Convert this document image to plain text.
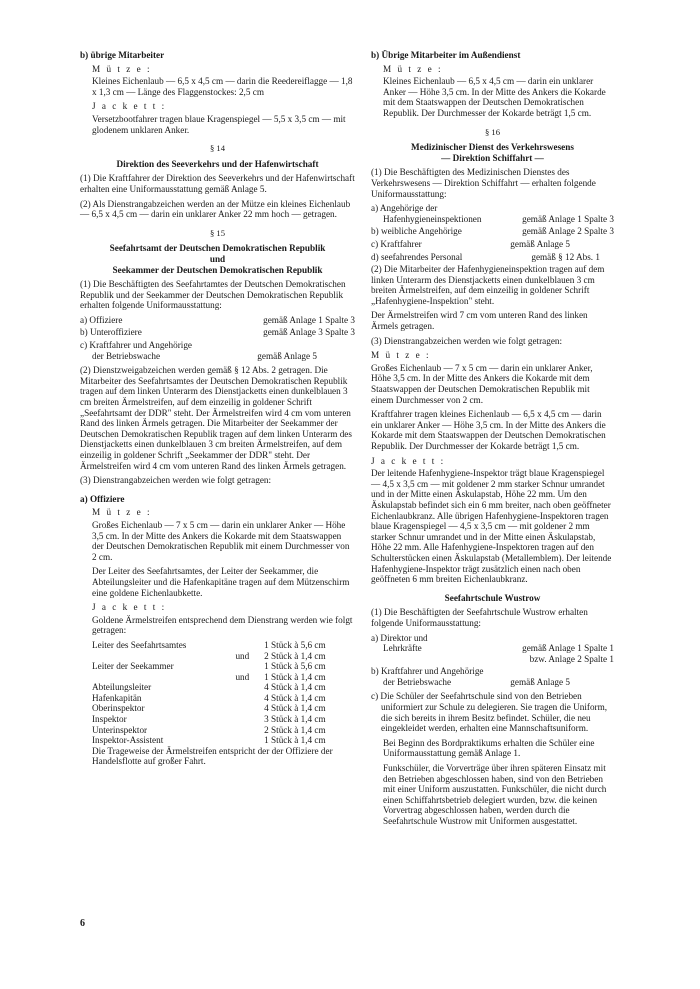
b) übrige Mitarbeiter

M ü t z e :

Kleines Eichenlaub — 6,5 x 4,5 cm — darin die Reedereiflagge — 1,8 x 1,3 cm — Länge des Flaggenstockes: 2,5 cm

J a c k e t t :

Versetzbootfahrer tragen blaue Kragenspiegel — 5,5 x 3,5 cm — mit glodenem unklaren Anker.

§ 14

Direktion des Seeverkehrs und der Hafenwirtschaft

(1) Die Kraftfahrer der Direktion des Seeverkehrs und der Hafenwirtschaft erhalten eine Uniformausstattung gemäß Anlage 5.

(2) Als Dienstrangabzeichen werden an der Mütze ein kleines Eichenlaub — 6,5 x 4,5 cm — darin ein unklarer Anker 22 mm hoch — getragen.

§ 15

Seefahrtsamt der Deutschen Demokratischen Republik

und

Seekammer der Deutschen Demokratischen Republik

(1) Die Beschäftigten des Seefahrtamtes der Deutschen Demokratischen Republik und der Seekammer der Deutschen Demokratischen Republik erhalten folgende Uniformausstattung:

a) Offiziere	gemäß Anlage 1 Spalte 3
b) Unteroffiziere	gemäß Anlage 3 Spalte 3
c) Kraftfahrer und Angehörige
der Betriebswache	gemäß Anlage 5

(2) Dienstzweigabzeichen werden gemäß § 12 Abs. 2 getragen. Die Mitarbeiter des Seefahrtsamtes der Deutschen Demokratischen Republik tragen auf dem linken Unterarm des Dienstjacketts einen dunkelblauen 3 cm breiten Ärmelstreifen, auf dem einzeilig in goldener Schrift „Seefahrtsamt der DDR" steht. Der Ärmelstreifen wird 4 cm vom unteren Rand des linken Ärmels getragen. Die Mitarbeiter der Seekammer der Deutschen Demokratischen Republik tragen auf dem linken Unterarm des Dienstjacketts einen dunkelblauen 3 cm breiten Ärmelstreifen, auf dem einzeilig in goldener Schrift „Seekammer der DDR" steht. Der Ärmelstreifen wird 4 cm vom unteren Rand des linken Ärmels getragen.

(3) Dienstrangabzeichen werden wie folgt getragen:

a) Offiziere

M ü t z e :

Großes Eichenlaub — 7 x 5 cm — darin ein unklarer Anker — Höhe 3,5 cm. In der Mitte des Ankers die Kokarde mit dem Staatswappen der Deutschen Demokratischen Republik mit einem Durchmesser von 2 cm.

Der Leiter des Seefahrtsamtes, der Leiter der Seekammer, die Abteilungsleiter und die Hafenkapitäne tragen auf dem Mützenschirm eine goldene Eichenlaubkette.

J a c k e t t :

Goldene Ärmelstreifen entsprechend dem Dienstrang werden wie folgt getragen:

Leiter des Seefahrtsamtes	1 Stück à 5,6 cm
und	2 Stück à 1,4 cm
Leiter der Seekammer	1 Stück à 5,6 cm
und	1 Stück à 1,4 cm
Abteilungsleiter	4 Stück à 1,4 cm
Hafenkapitän	4 Stück à 1,4 cm
Oberinspektor	4 Stück à 1,4 cm
Inspektor	3 Stück à 1,4 cm
Unterinspektor	2 Stück à 1,4 cm
Inspektor-Assistent	1 Stück à 1,4 cm

Die Trageweise der Ärmelstreifen entspricht der der Offiziere der Handelsflotte auf großer Fahrt.

b) Übrige Mitarbeiter im Außendienst

M ü t z e :

Kleines Eichenlaub — 6,5 x 4,5 cm — darin ein unklarer Anker — Höhe 3,5 cm. In der Mitte des Ankers die Kokarde mit dem Staatswappen der Deutschen Demokratischen Republik. Der Durchmesser der Kokarde beträgt 1,5 cm.

§ 16

Medizinischer Dienst des Verkehrswesens

— Direktion Schiffahrt —

(1) Die Beschäftigten des Medizinischen Dienstes des Verkehrswesens — Direktion Schiffahrt — erhalten folgende Uniformausstattung:

a) Angehörige der
Hafenhygieneinspektionen	gemäß Anlage 1 Spalte 3
b) weibliche Angehörige	gemäß Anlage 2 Spalte 3
c) Kraftfahrer	gemäß Anlage 5
d) seefahrendes Personal	gemäß § 12 Abs. 1

(2) Die Mitarbeiter der Hafenhygieneinspektion tragen auf dem linken Unterarm des Dienstjacketts einen dunkelblauen 3 cm breiten Ärmelstreifen, auf dem einzeilig in goldener Schrift „Hafenhygiene-Inspektion" steht.

Der Ärmelstreifen wird 7 cm vom unteren Rand des linken Ärmels getragen.

(3) Dienstrangabzeichen werden wie folgt getragen:

M ü t z e :

Großes Eichenlaub — 7 x 5 cm — darin ein unklarer Anker, Höhe 3,5 cm. In der Mitte des Ankers die Kokarde mit dem Staatswappen der Deutschen Demokratischen Republik mit einem Durchmesser von 2 cm.

Kraftfahrer tragen kleines Eichenlaub — 6,5 x 4,5 cm — darin ein unklarer Anker — Höhe 3,5 cm. In der Mitte des Ankers die Kokarde mit dem Staatswappen der Deutschen Demokratischen Republik. Der Durchmesser der Kokarde beträgt 1,5 cm.

J a c k e t t :

Der leitende Hafenhygiene-Inspektor trägt blaue Kragenspiegel — 4,5 x 3,5 cm — mit goldener 2 mm starker Schnur umrandet und in der Mitte einen Äskulapstab, Höhe 22 mm. Um den Äskulapstab befindet sich ein 6 mm breiter, nach oben geöffneter Eichenlaubkranz. Alle übrigen Hafenhygiene-Inspektoren tragen blaue Kragenspiegel — 4,5 x 3,5 cm — mit goldener 2 mm starker Schnur umrandet und in der Mitte einen Äskulapstab, Höhe 22 mm. Alle Hafenhygiene-Inspektoren tragen auf den Schulterstücken einen Äskulapstab (Metallemblem). Der leitende Hafenhygiene-Inspektor trägt zusätzlich einen nach oben geöffneten 6 mm breiten Eichenlaubkranz.

Seefahrtschule Wustrow

(1) Die Beschäftigten der Seefahrtschule Wustrow erhalten folgende Uniformausstattung:

a) Direktor und
Lehrkräfte	gemäß Anlage 1 Spalte 1
bzw. Anlage 2 Spalte 1
b) Kraftfahrer und Angehörige
der Betriebswache	gemäß Anlage 5

c) Die Schüler der Seefahrtschule sind von den Betrieben uniformiert zur Schule zu delegieren. Sie tragen die Uniform, die sich bereits in ihrem Besitz befindet. Schüler, die neu eingekleidet werden, erhalten eine Mannschaftsuniform.

Bei Beginn des Bordpraktikums erhalten die Schüler eine Uniformausstattung gemäß Anlage 1.

Funkschüler, die Vorverträge über ihren späteren Einsatz mit den Betrieben abgeschlossen haben, sind von den Betrieben mit einer Uniform auszustatten. Funkschüler, die nicht durch einen Schiffahrtsbetrieb delegiert wurden, bzw. die keinen Vorvertrag abgeschlossen haben, werden durch die Seefahrtschule Wustrow mit Uniformen ausgestattet.

6
